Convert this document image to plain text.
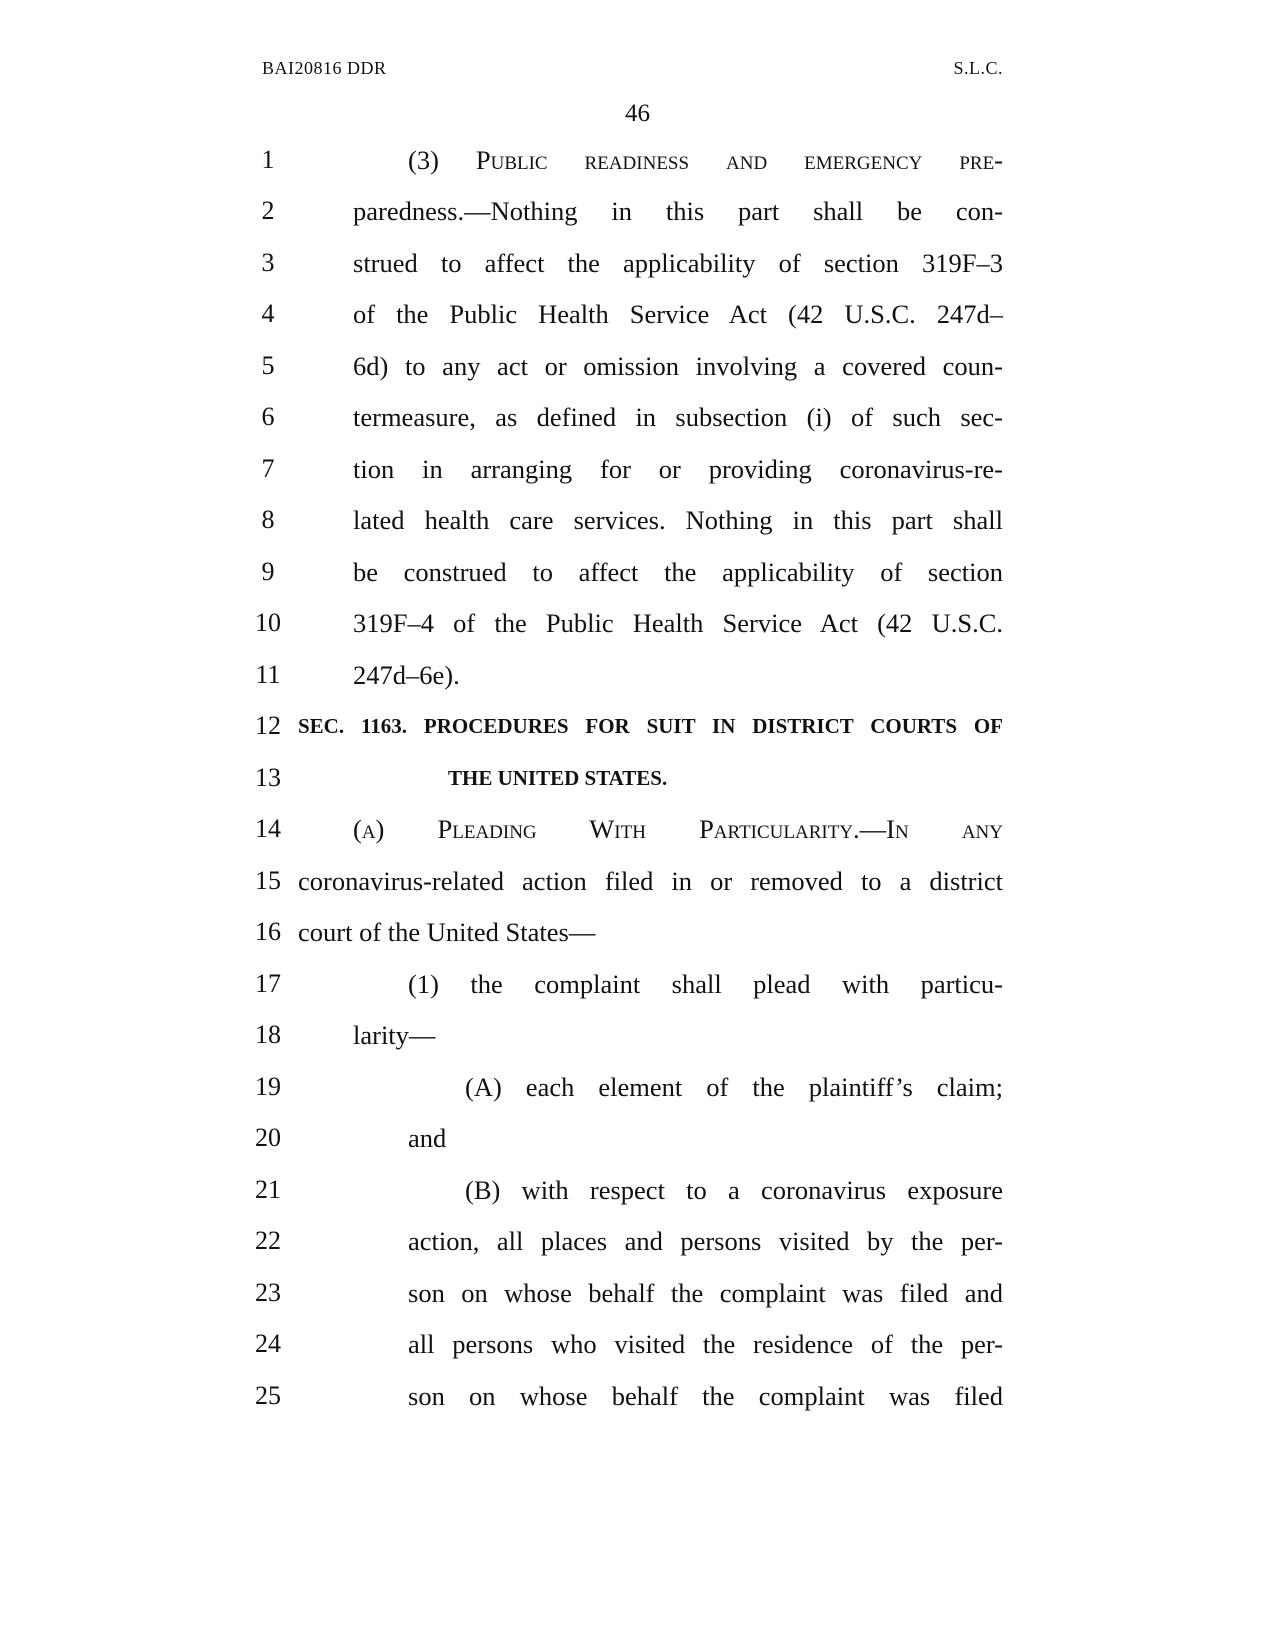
BAI20816 DDR	S.L.C.
46
1	(3) Public readiness and emergency pre-
2	paredness.—Nothing in this part shall be con-
3	strued to affect the applicability of section 319F–3
4	of the Public Health Service Act (42 U.S.C. 247d–
5	6d) to any act or omission involving a covered coun-
6	termeasure, as defined in subsection (i) of such sec-
7	tion in arranging for or providing coronavirus-re-
8	lated health care services. Nothing in this part shall
9	be construed to affect the applicability of section
10	319F–4 of the Public Health Service Act (42 U.S.C.
11	247d–6e).
12 SEC. 1163. PROCEDURES FOR SUIT IN DISTRICT COURTS OF
13	THE UNITED STATES.
14	(a) Pleading With Particularity.—In any
15 coronavirus-related action filed in or removed to a district
16 court of the United States—
17	(1) the complaint shall plead with particu-
18	larity—
19	(A) each element of the plaintiff’s claim;
20	and
21	(B) with respect to a coronavirus exposure
22	action, all places and persons visited by the per-
23	son on whose behalf the complaint was filed and
24	all persons who visited the residence of the per-
25	son on whose behalf the complaint was filed
